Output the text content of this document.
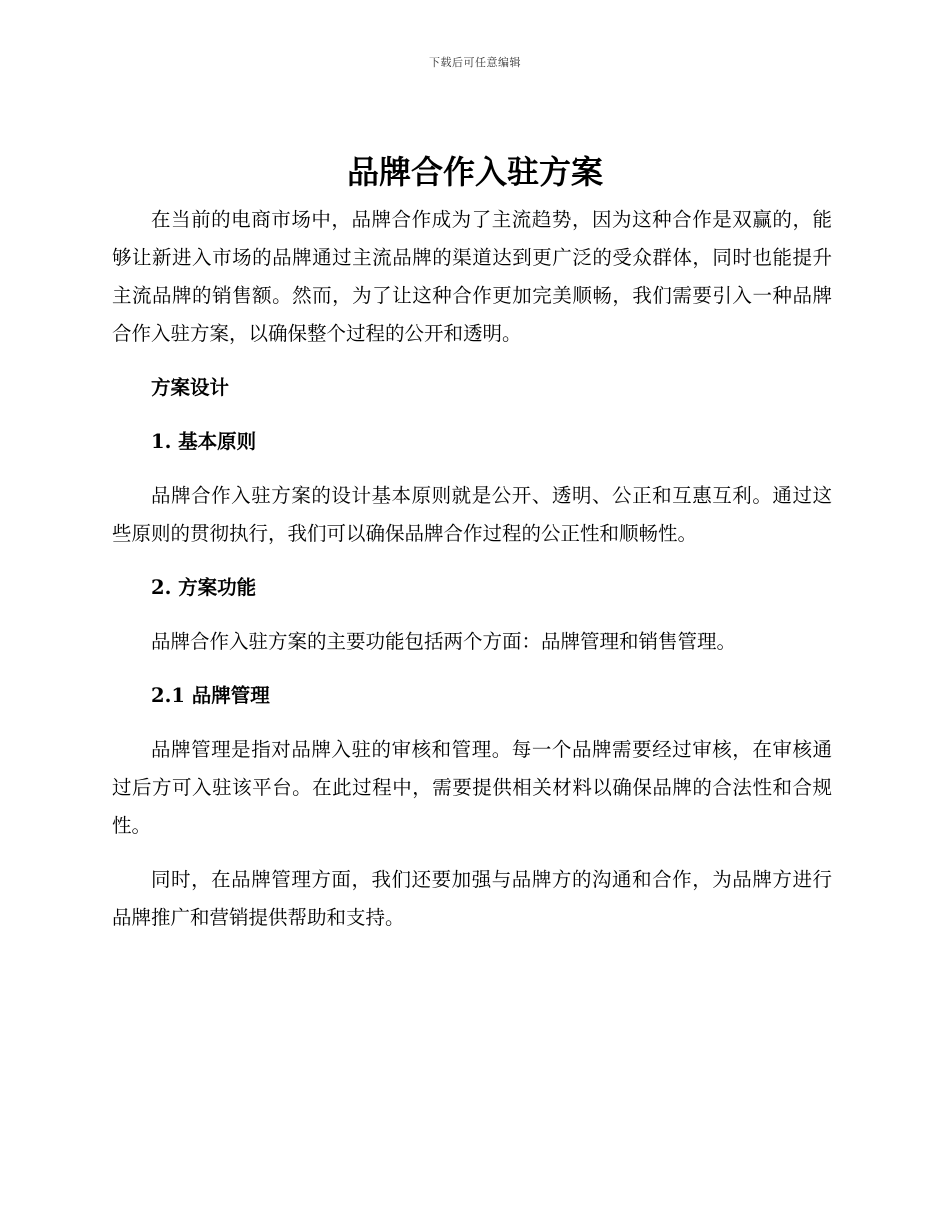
下载后可任意编辑
品牌合作入驻方案

在当前的电商市场中，品牌合作成为了主流趋势，因为这种合作是双赢的，能够让新进入市场的品牌通过主流品牌的渠道达到更广泛的受众群体，同时也能提升主流品牌的销售额。然而，为了让这种合作更加完美顺畅，我们需要引入一种品牌合作入驻方案，以确保整个过程的公开和透明。

方案设计
1. 基本原则

品牌合作入驻方案的设计基本原则就是公开、透明、公正和互惠互利。通过这些原则的贯彻执行，我们可以确保品牌合作过程的公正性和顺畅性。

2. 方案功能

品牌合作入驻方案的主要功能包括两个方面：品牌管理和销售管理。

2.1 品牌管理

品牌管理是指对品牌入驻的审核和管理。每一个品牌需要经过审核，在审核通过后方可入驻该平台。在此过程中，需要提供相关材料以确保品牌的合法性和合规性。

同时，在品牌管理方面，我们还要加强与品牌方的沟通和合作，为品牌方进行品牌推广和营销提供帮助和支持。
